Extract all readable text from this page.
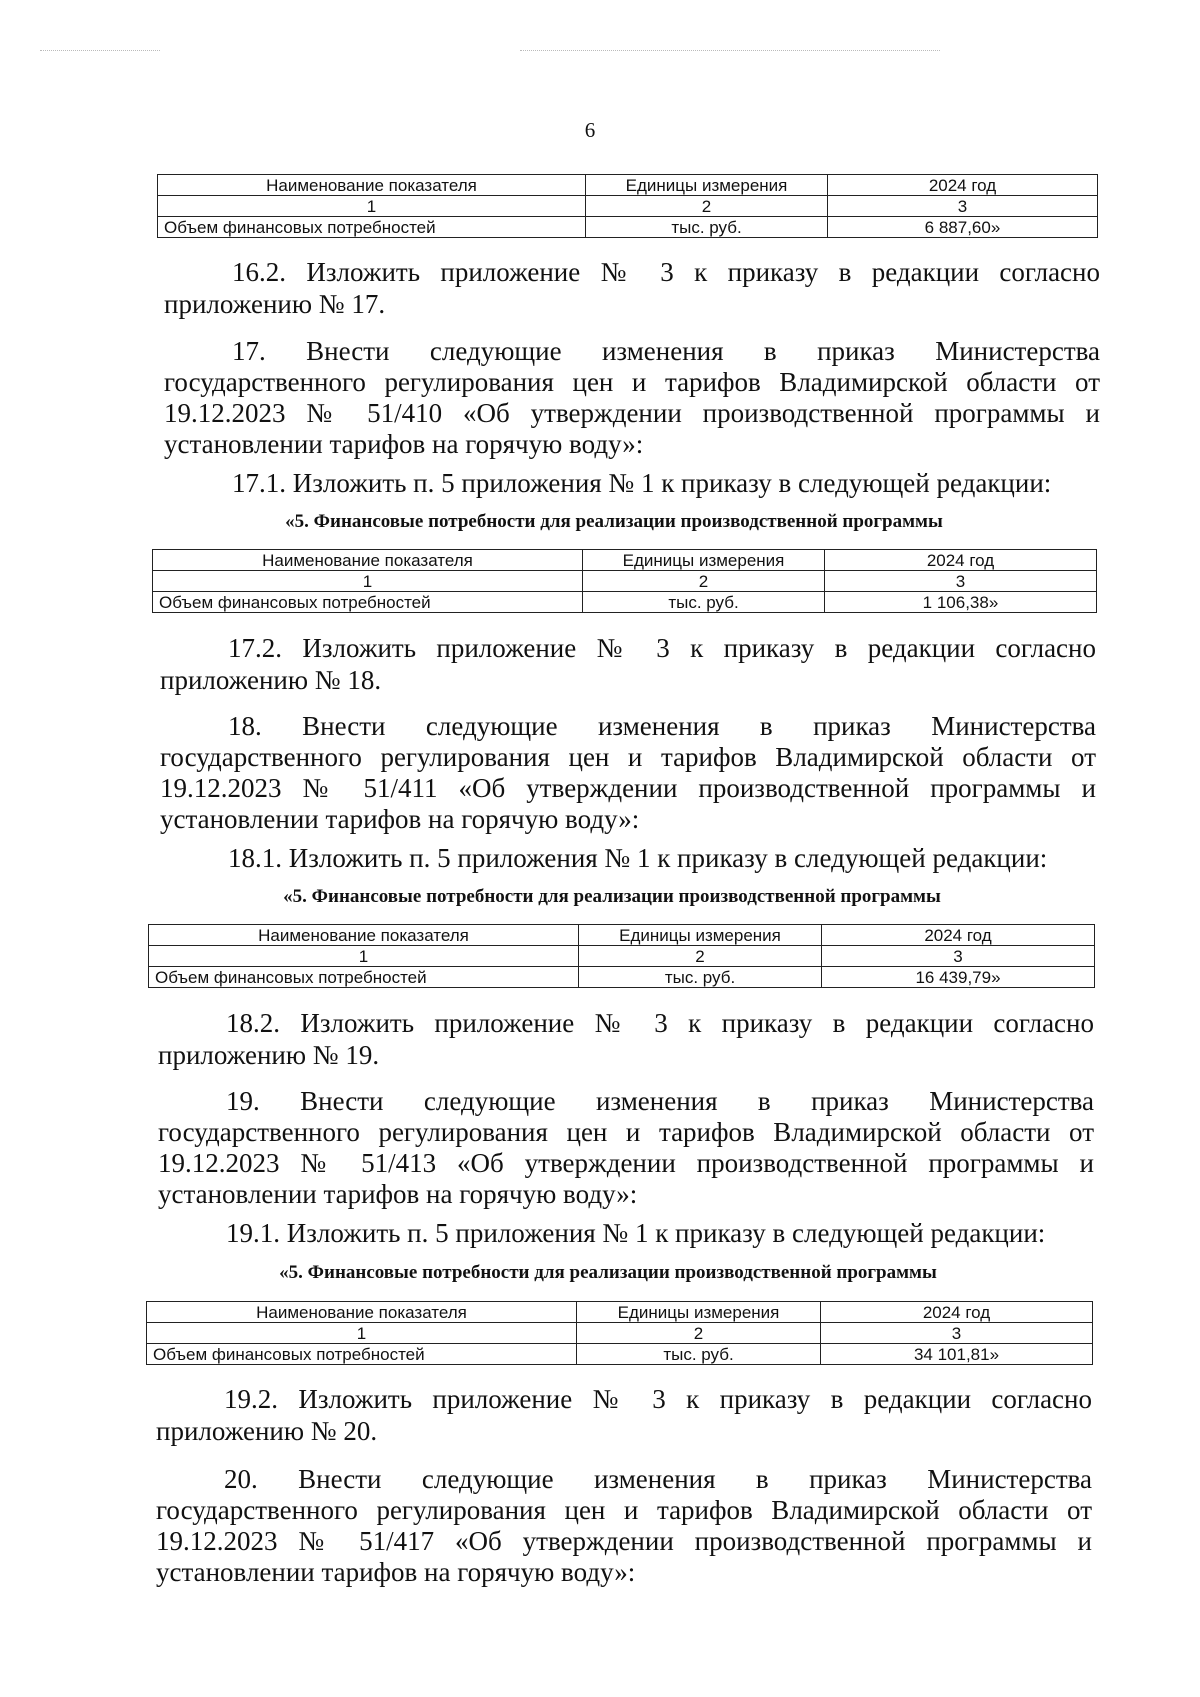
6
Наименование показателя	Единицы измерения	2024 год
1	2	3
Объем финансовых потребностей	тыс. руб.	6 887,60»

16.2. Изложить приложение № 3 к приказу в редакции согласно

приложению № 17.

17. Внести следующие изменения в приказ Министерства государственного регулирования цен и тарифов Владимирской области от 19.12.2023 № 51/410 «Об утверждении производственной программы и установлении тарифов на горячую воду»:

17.1. Изложить п. 5 приложения № 1 к приказу в следующей редакции:

«5. Финансовые потребности для реализации производственной программы
Наименование показателя	Единицы измерения	2024 год
1	2	3
Объем финансовых потребностей	тыс. руб.	1 106,38»

17.2. Изложить приложение № 3 к приказу в редакции согласно

приложению № 18.

18. Внести следующие изменения в приказ Министерства государственного регулирования цен и тарифов Владимирской области от 19.12.2023 № 51/411 «Об утверждении производственной программы и установлении тарифов на горячую воду»:

18.1. Изложить п. 5 приложения № 1 к приказу в следующей редакции:

«5. Финансовые потребности для реализации производственной программы
Наименование показателя	Единицы измерения	2024 год
1	2	3
Объем финансовых потребностей	тыс. руб.	16 439,79»

18.2. Изложить приложение № 3 к приказу в редакции согласно

приложению № 19.

19. Внести следующие изменения в приказ Министерства государственного регулирования цен и тарифов Владимирской области от 19.12.2023 № 51/413 «Об утверждении производственной программы и установлении тарифов на горячую воду»:

19.1. Изложить п. 5 приложения № 1 к приказу в следующей редакции:

«5. Финансовые потребности для реализации производственной программы
Наименование показателя	Единицы измерения	2024 год
1	2	3
Объем финансовых потребностей	тыс. руб.	34 101,81»

19.2. Изложить приложение № 3 к приказу в редакции согласно

приложению № 20.

20. Внести следующие изменения в приказ Министерства государственного регулирования цен и тарифов Владимирской области от 19.12.2023 № 51/417 «Об утверждении производственной программы и установлении тарифов на горячую воду»:
